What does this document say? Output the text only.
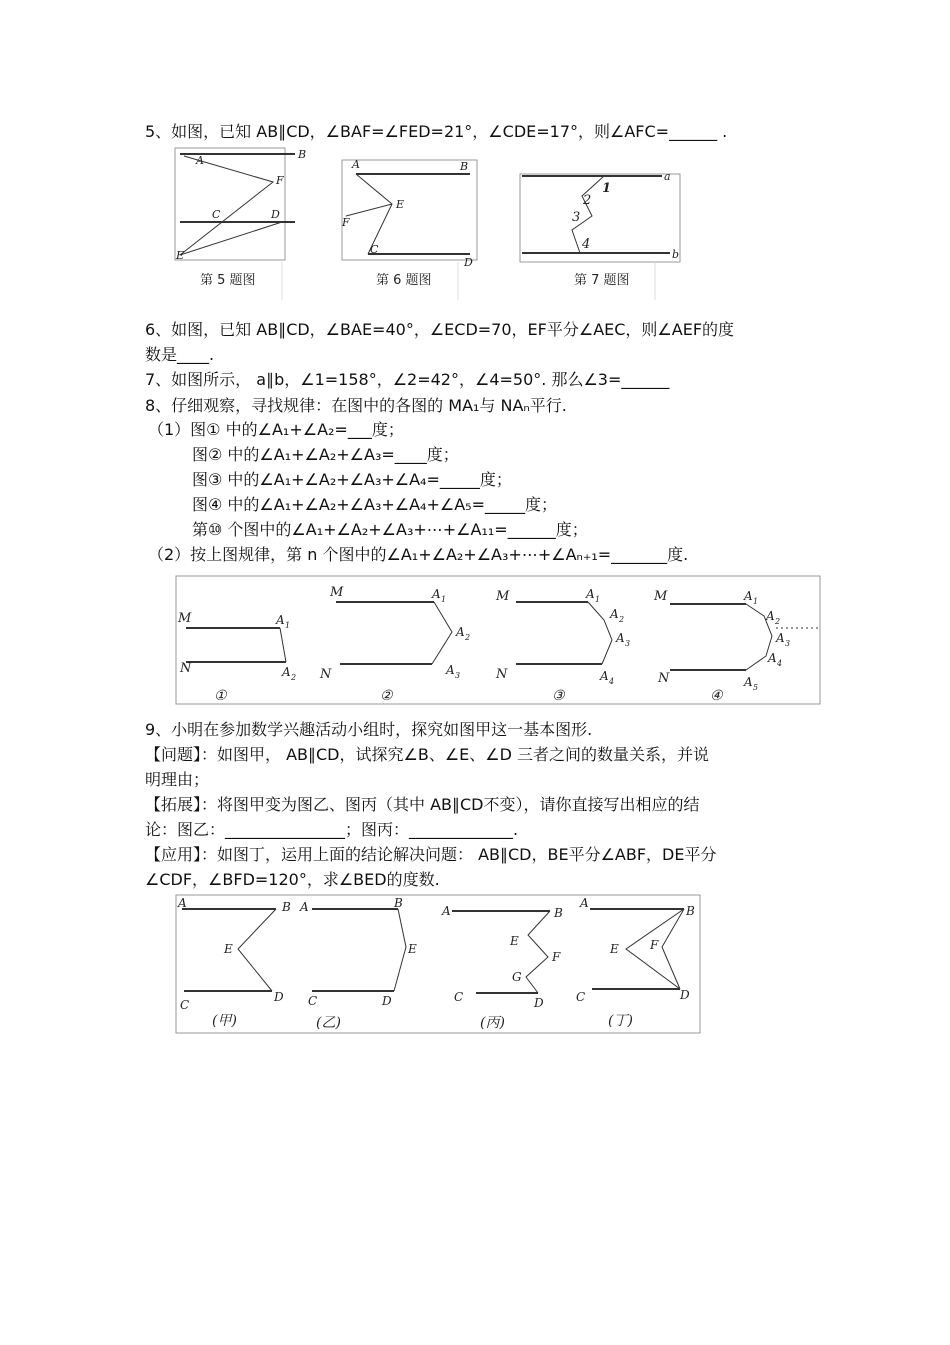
5、如图，已知 AB∥CD，∠BAF=∠FED=21°，∠CDE=17°，则∠AFC=______ .
A	B
F
C	D
E
第 5 题图
A	B
E
F
C
D
第 6 题图
1
2
3
4
a
b
第 7 题图
6、如图，已知 AB∥CD，∠BAE=40°，∠ECD=70，EF平分∠AEC，则∠AEF的度
数是____.
7、如图所示， a∥b，∠1=158°，∠2=42°，∠4=50°. 那么∠3=______
8、仔细观察，寻找规律：在图中的各图的 MA₁与 NAₙ平行.
（1）图① 中的∠A₁+∠A₂=___度；
图② 中的∠A₁+∠A₂+∠A₃=____度；
图③ 中的∠A₁+∠A₂+∠A₃+∠A₄=_____度；
图④ 中的∠A₁+∠A₂+∠A₃+∠A₄+∠A₅=_____度；
第⑩ 个图中的∠A₁+∠A₂+∠A₃+⋯+∠A₁₁=______度；
（2）按上图规律，第 n 个图中的∠A₁+∠A₂+∠A₃+⋯+∠Aₙ₊₁=_______度.
M
N
A 1
A 2
①
M
N
A 1
A 2
A 3
②
M
N
A 1
A 2
A 3
A 4
③
M
N
A 1
A 2
A 3
A 4
A 5
④
9、小明在参加数学兴趣活动小组时，探究如图甲这一基本图形.
【问题】：如图甲， AB∥CD，试探究∠B、∠E、∠D 三者之间的数量关系，并说
明理由；
【拓展】：将图甲变为图乙、图丙（其中 AB∥CD不变），请你直接写出相应的结
论：图乙：_______________；图丙：_____________.
【应用】：如图丁，运用上面的结论解决问题： AB∥CD，BE平分∠ABF，DE平分
∠CDF，∠BFD=120°，求∠BED的度数.
A	B
E
C
D
(甲)
A	B
E
C	D
(乙)
A	B
E
F
G
C	D
(丙)
A
B
E	F
C	D
(丁)
